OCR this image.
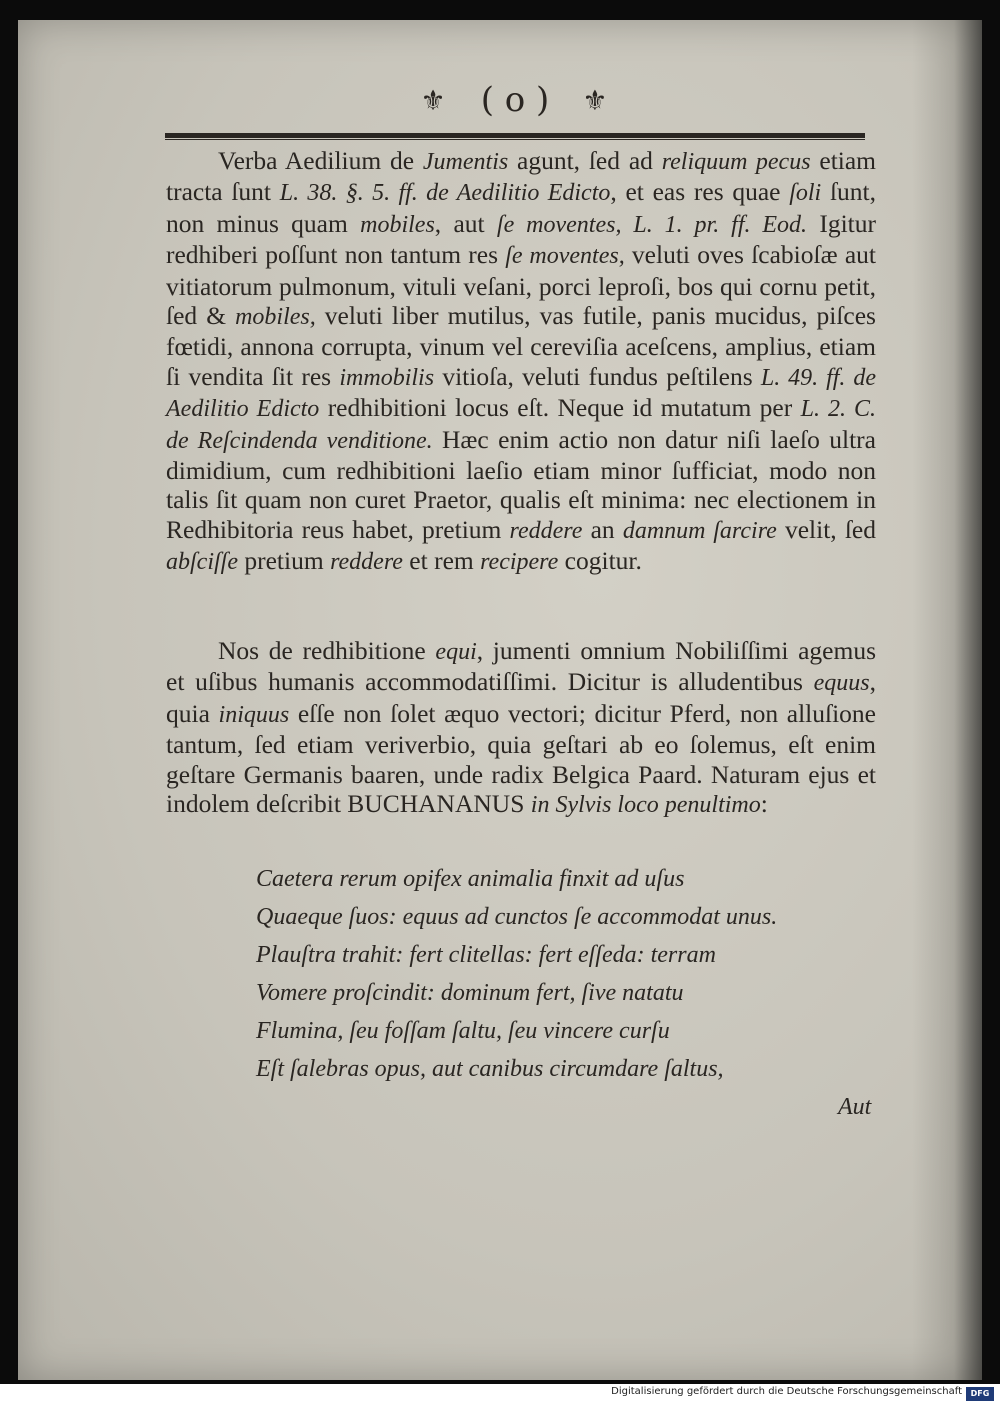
⚜ ( o ) ⚜

Verba Aedilium de Jumentis agunt, ſed ad reliquum pecus etiam tracta ſunt L. 38. §. 5. ff. de Aedilitio Edicto, et eas res quae ſoli ſunt, non minus quam mobiles, aut ſe moventes, L. 1. pr. ff. Eod. Igitur redhiberi poſſunt non tantum res ſe moventes, veluti oves ſcabioſæ aut vitiatorum pulmonum, vituli veſani, porci leproſi, bos qui cornu petit, ſed & mobiles, veluti liber mutilus, vas futile, panis mucidus, piſces fœtidi, annona corrupta, vinum vel cereviſia aceſcens, amplius, etiam ſi vendita ſit res immobilis vitioſa, veluti fundus peſtilens L. 49. ff. de Aedilitio Edicto redhibitioni locus eſt. Neque id mutatum per L. 2. C. de Reſcindenda venditione. Hæc enim actio non datur niſi laeſo ultra dimidium, cum redhibitioni laeſio etiam minor ſufficiat, modo non talis ſit quam non curet Praetor, qualis eſt minima: nec electionem in Redhibitoria reus habet, pretium reddere an damnum ſarcire velit, ſed abſciſſe pretium reddere et rem recipere cogitur.

Nos de redhibitione equi, jumenti omnium Nobiliſſimi agemus et uſibus humanis accommodatiſſimi. Dicitur is alludentibus equus, quia iniquus eſſe non ſolet æquo vectori; dicitur Pferd, non alluſione tantum, ſed etiam veriverbio, quia geſtari ab eo ſolemus, eſt enim geſtare Germanis baaren, unde radix Belgica Paard. Naturam ejus et indolem deſcribit BUCHANANUS in Sylvis loco penultimo:

Caetera rerum opifex animalia finxit ad uſus
Quaeque ſuos: equus ad cunctos ſe accommodat unus.
Plauſtra trahit: fert clitellas: fert eſſeda: terram
Vomere proſcindit: dominum fert, ſive natatu
Flumina, ſeu foſſam ſaltu, ſeu vincere curſu
Eſt ſalebras opus, aut canibus circumdare ſaltus,
Aut
Digitalisierung gefördert durch die Deutsche Forschungsgemeinschaft	DFG
